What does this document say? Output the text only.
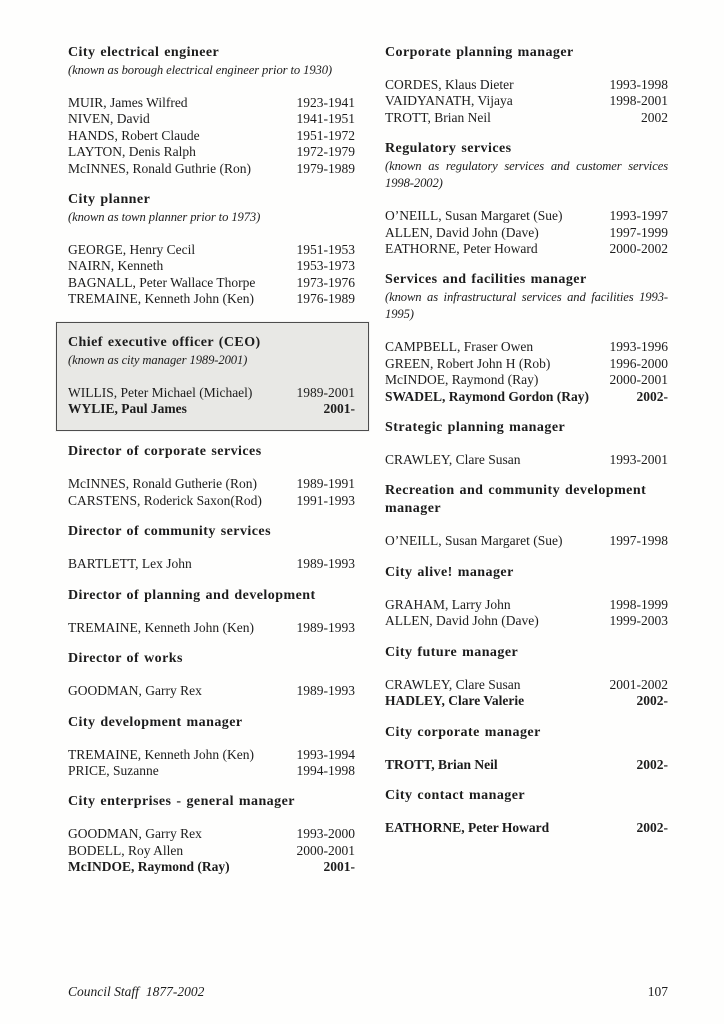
City electrical engineer

(known as borough electrical engineer prior to 1930)

MUIR, James Wilfred	1923-1941
NIVEN, David	1941-1951
HANDS, Robert Claude	1951-1972
LAYTON, Denis Ralph	1972-1979
McINNES, Ronald Guthrie (Ron)	1979-1989
City planner

(known as town planner prior to 1973)

GEORGE, Henry Cecil	1951-1953
NAIRN, Kenneth	1953-1973
BAGNALL, Peter Wallace Thorpe	1973-1976
TREMAINE, Kenneth John (Ken)	1976-1989
Chief executive officer (CEO)

(known as city manager 1989-2001)

WILLIS, Peter Michael (Michael)	1989-2001
WYLIE, Paul James	2001-
Director of corporate services
McINNES, Ronald Gutherie (Ron)	1989-1991
CARSTENS, Roderick Saxon(Rod)	1991-1993
Director of community services
BARTLETT, Lex John	1989-1993
Director of planning and development
TREMAINE, Kenneth John (Ken)	1989-1993
Director of works
GOODMAN, Garry Rex	1989-1993
City development manager
TREMAINE, Kenneth John (Ken)	1993-1994
PRICE, Suzanne	1994-1998
City enterprises - general manager
GOODMAN, Garry Rex	1993-2000
BODELL, Roy Allen	2000-2001
McINDOE, Raymond (Ray)	2001-
Corporate planning manager
CORDES, Klaus Dieter	1993-1998
VAIDYANATH, Vijaya	1998-2001
TROTT, Brian Neil	2002
Regulatory services

(known as regulatory services and customer services 1998-2002)

O’NEILL, Susan Margaret (Sue)	1993-1997
ALLEN, David John (Dave)	1997-1999
EATHORNE, Peter Howard	2000-2002
Services and facilities manager

(known as infrastructural services and facilities 1993-1995)

CAMPBELL, Fraser Owen	1993-1996
GREEN, Robert John H (Rob)	1996-2000
McINDOE, Raymond (Ray)	2000-2001
SWADEL, Raymond Gordon (Ray)	2002-
Strategic planning manager
CRAWLEY, Clare Susan	1993-2001
Recreation and community development manager
O’NEILL, Susan Margaret (Sue)	1997-1998
City alive! manager
GRAHAM, Larry John	1998-1999
ALLEN, David John (Dave)	1999-2003
City future manager
CRAWLEY, Clare Susan	2001-2002
HADLEY, Clare Valerie	2002-
City corporate manager
TROTT, Brian Neil	2002-
City contact manager
EATHORNE, Peter Howard	2002-
Council Staff 1877-2002	107
